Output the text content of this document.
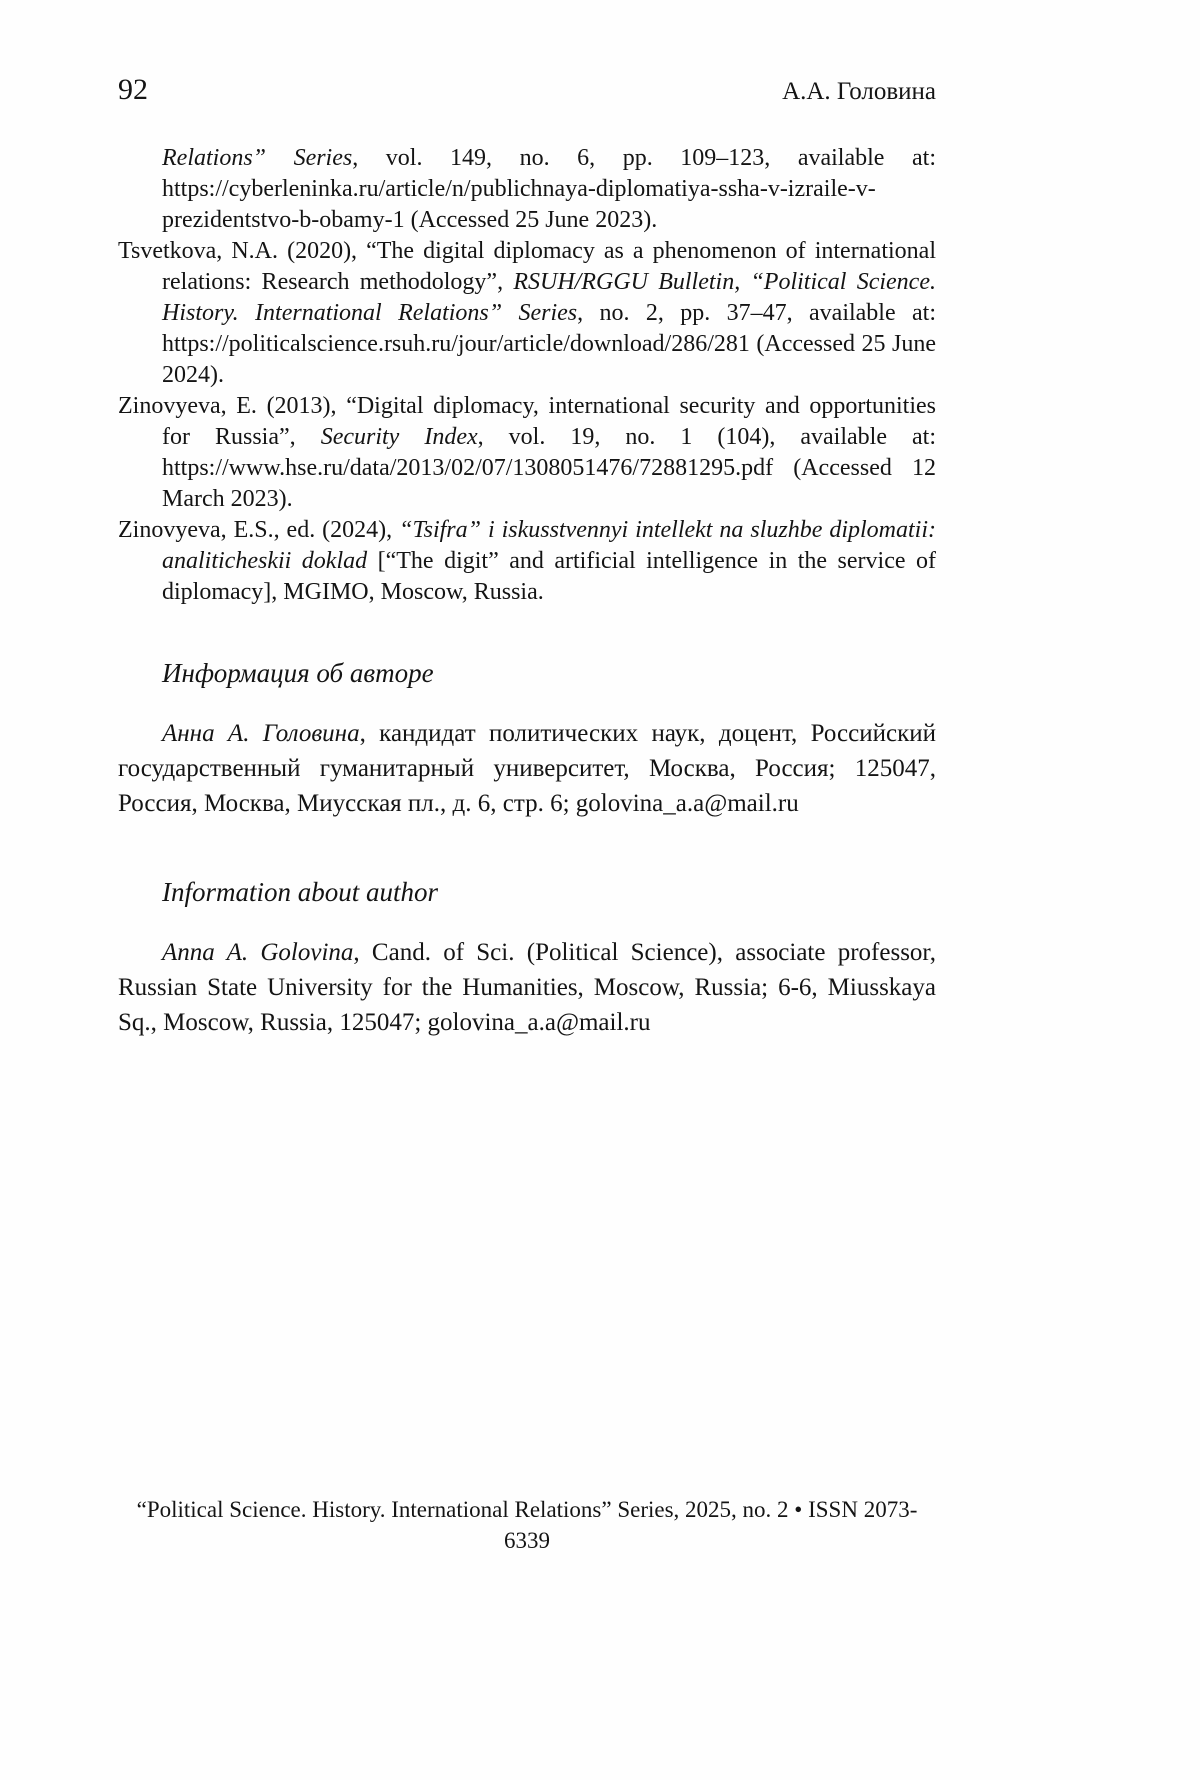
92	А.А. Головина

Relations” Series, vol. 149, no. 6, pp. 109–123, available at: https://cyberleninka.ru/article/n/publichnaya-diplomatiya-ssha-v-izraile-v-prezidentstvo-b-obamy-1 (Accessed 25 June 2023).

Tsvetkova, N.A. (2020), “The digital diplomacy as a phenomenon of international relations: Research methodology”, RSUH/RGGU Bulletin, “Political Science. History. International Relations” Series, no. 2, pp. 37–47, available at: https://politicalscience.rsuh.ru/jour/article/download/286/281 (Accessed 25 June 2024).

Zinovyeva, E. (2013), “Digital diplomacy, international security and opportunities for Russia”, Security Index, vol. 19, no. 1 (104), available at: https://www.hse.ru/data/2013/02/07/1308051476/72881295.pdf (Accessed 12 March 2023).

Zinovyeva, E.S., ed. (2024), “Tsifra” i iskusstvennyi intellekt na sluzhbe diplomatii: analiticheskii doklad [“The digit” and artificial intelligence in the service of diplomacy], MGIMO, Moscow, Russia.

Информация об авторе

Анна А. Головина, кандидат политических наук, доцент, Российский государственный гуманитарный университет, Москва, Россия; 125047, Россия, Москва, Миусская пл., д. 6, стр. 6; golovina_a.a@mail.ru

Information about author

Anna A. Golovina, Cand. of Sci. (Political Science), associate professor, Russian State University for the Humanities, Moscow, Russia; 6-6, Miusskaya Sq., Moscow, Russia, 125047; golovina_a.a@mail.ru

“Political Science. History. International Relations” Series, 2025, no. 2 • ISSN 2073-6339
